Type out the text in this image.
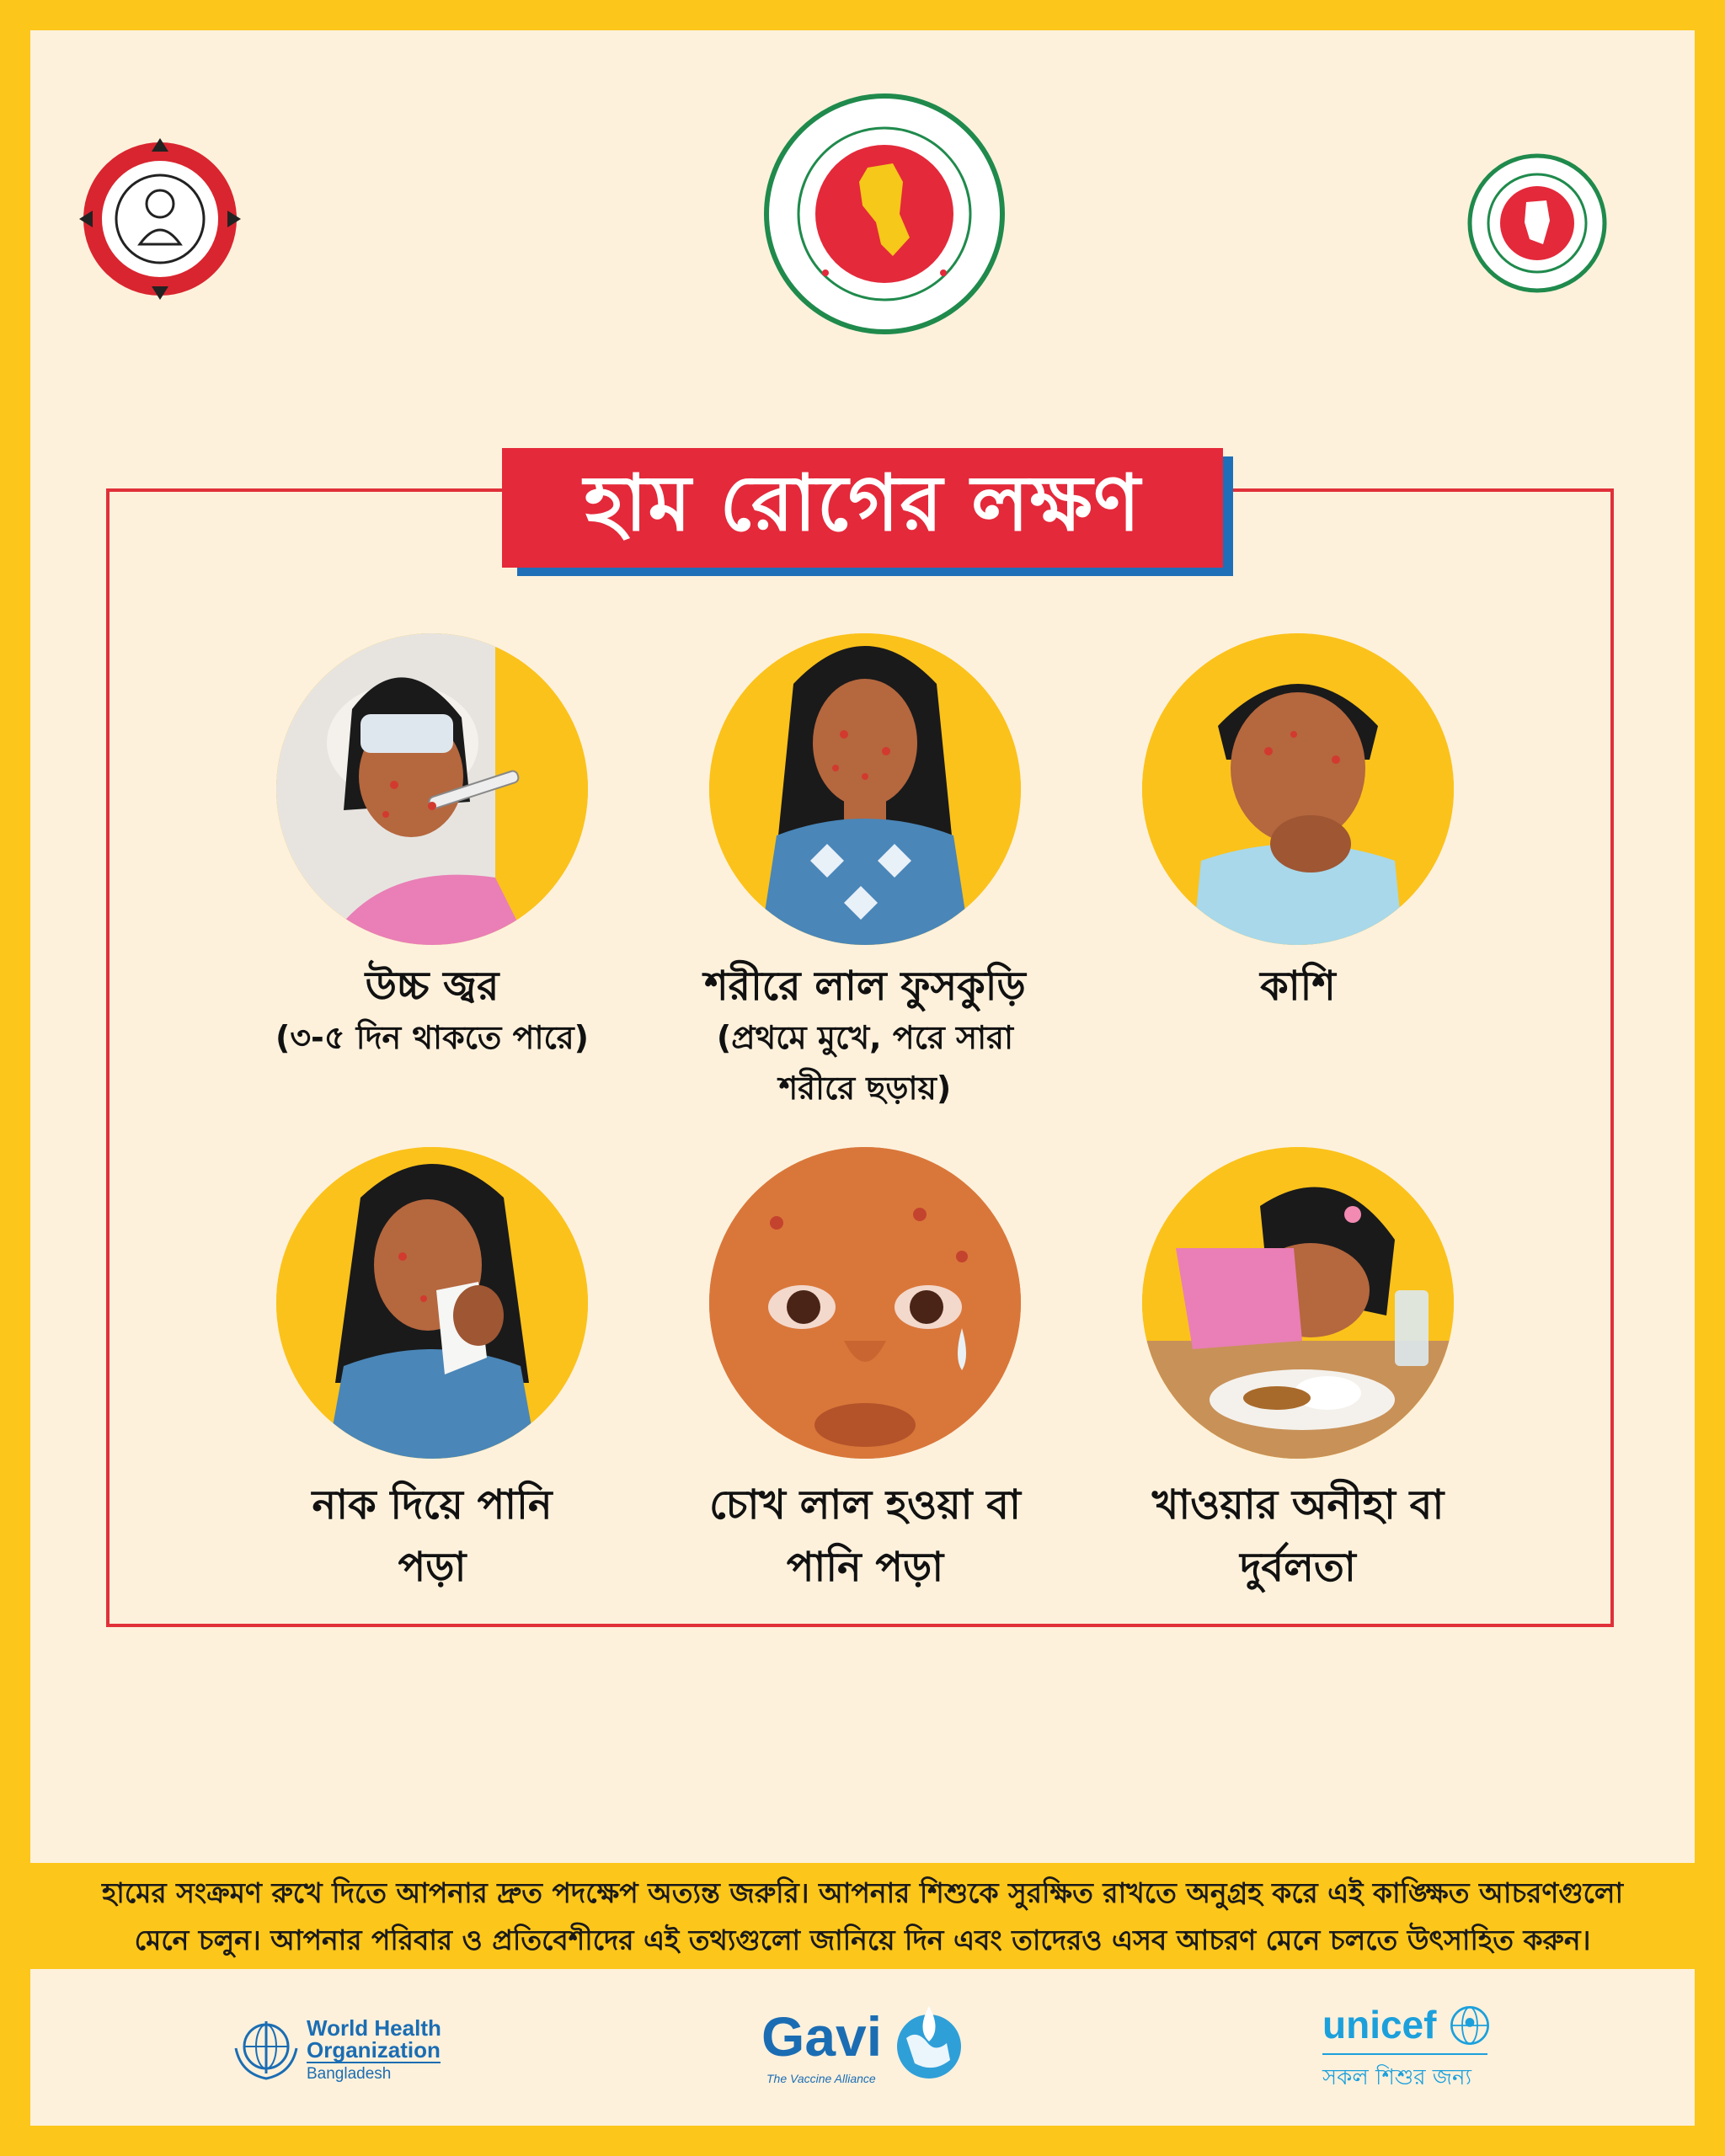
হাম রোগের লক্ষণ
উচ্চ জ্বর
(৩-৫ দিন থাকতে পারে)
শরীরে লাল ফুসকুড়ি
(প্রথমে মুখে, পরে সারা
শরীরে ছড়ায়)
কাশি
নাক দিয়ে পানি
পড়া
চোখ লাল হওয়া বা
পানি পড়া
খাওয়ার অনীহা বা
দুর্বলতা
হামের সংক্রমণ রুখে দিতে আপনার দ্রুত পদক্ষেপ অত্যন্ত জরুরি। আপনার শিশুকে সুরক্ষিত রাখতে অনুগ্রহ করে এই কাঙ্ক্ষিত আচরণগুলো
মেনে চলুন। আপনার পরিবার ও প্রতিবেশীদের এই তথ্যগুলো জানিয়ে দিন এবং তাদেরও এসব আচরণ মেনে চলতে উৎসাহিত করুন।
World Health
Organization
Bangladesh
Gavi
The Vaccine Alliance
unicef
সকল শিশুর জন্য
